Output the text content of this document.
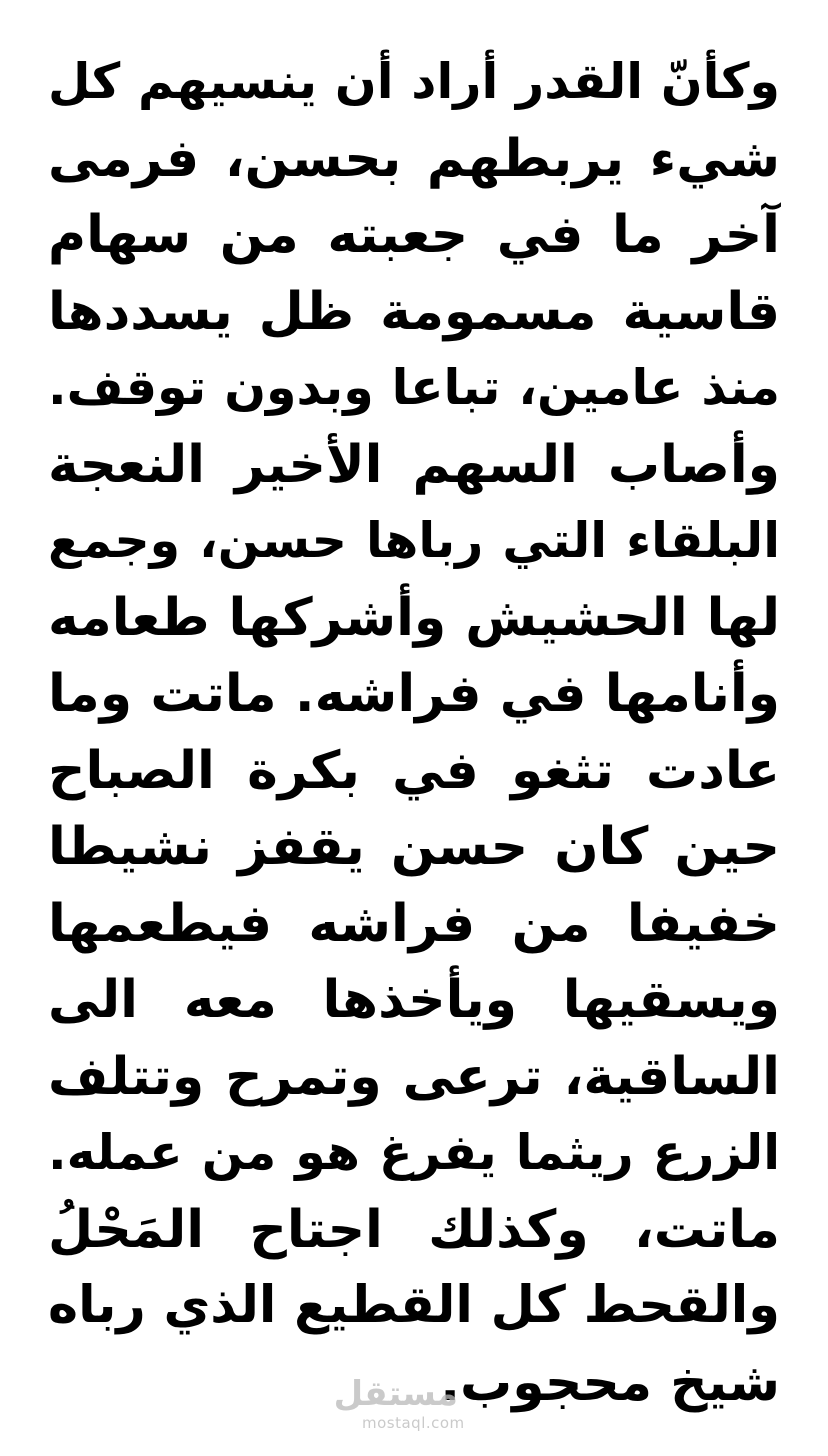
وكأنّ القدر أراد أن ينسيهم كل
شيء يربطهم بحسن، فرمى
آخر ما في جعبته من سهام
قاسية مسمومة ظل يسددها
منذ عامين، تباعا وبدون توقف.
وأصاب السهم الأخير النعجة
البلقاء التي رباها حسن، وجمع
لها الحشيش وأشركها طعامه
وأنامها في فراشه. ماتت وما
عادت تثغو في بكرة الصباح
حين كان حسن يقفز نشيطا
خفيفا من فراشه فيطعمها
ويسقيها ويأخذها معه الى
الساقية، ترعى وتمرح وتتلف
الزرع ريثما يفرغ هو من عمله.
ماتت، وكذلك اجتاح المَحْلُ
والقحط كل القطيع الذي رباه
شيخ محجوب.
مستقل
mostaql.com
